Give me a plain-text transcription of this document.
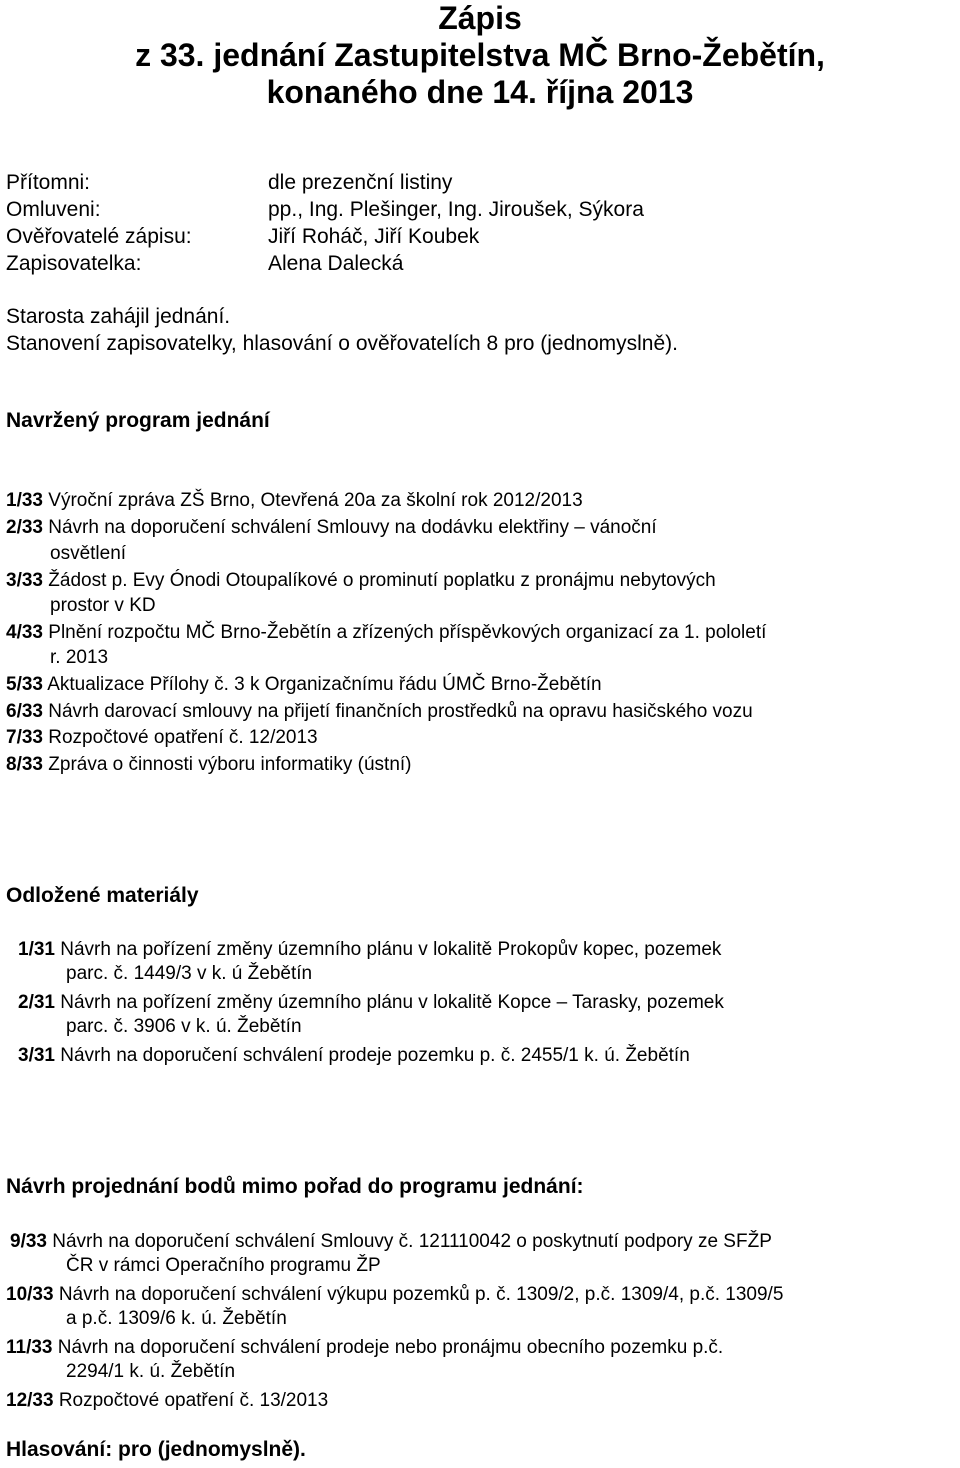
Zápis
z 33. jednání Zastupitelstva MČ Brno-Žebětín,
konaného dne 14. října 2013
Přítomni:	dle prezenční listiny
Omluveni:	pp., Ing. Plešinger, Ing. Jiroušek, Sýkora
Ověřovatelé zápisu:	Jiří Roháč, Jiří Koubek
Zapisovatelka:	Alena Dalecká
Starosta zahájil jednání.
Stanovení zapisovatelky, hlasování o ověřovatelích 8 pro (jednomyslně).
Navržený program jednání
1/33 Výroční zpráva ZŠ Brno, Otevřená 20a za školní rok 2012/2013
2/33 Návrh na doporučení schválení Smlouvy na dodávku elektřiny – vánoční
osvětlení
3/33 Žádost p. Evy Ónodi Otoupalíkové o prominutí poplatku z pronájmu nebytových
prostor v KD
4/33 Plnění rozpočtu MČ Brno-Žebětín a zřízených příspěvkových organizací za 1. pololetí
r. 2013
5/33 Aktualizace Přílohy č. 3 k Organizačnímu řádu ÚMČ Brno-Žebětín
6/33 Návrh darovací smlouvy na přijetí finančních prostředků na opravu hasičského vozu
7/33 Rozpočtové opatření č. 12/2013
8/33 Zpráva o činnosti výboru informatiky (ústní)
Odložené materiály
1/31 Návrh na pořízení změny územního plánu v lokalitě Prokopův kopec, pozemek
parc. č. 1449/3 v k. ú Žebětín
2/31 Návrh na pořízení změny územního plánu v lokalitě Kopce – Tarasky, pozemek
parc. č. 3906 v k. ú. Žebětín
3/31 Návrh na doporučení schválení prodeje pozemku p. č. 2455/1 k. ú. Žebětín
Návrh projednání bodů mimo pořad do programu jednání:
9/33 Návrh na doporučení schválení Smlouvy č. 121110042 o poskytnutí podpory ze SFŽP
ČR v rámci Operačního programu ŽP
10/33 Návrh na doporučení schválení výkupu pozemků p. č. 1309/2, p.č. 1309/4, p.č. 1309/5
a p.č. 1309/6 k. ú. Žebětín
11/33 Návrh na doporučení schválení prodeje nebo pronájmu obecního pozemku p.č.
2294/1 k. ú. Žebětín
12/33 Rozpočtové opatření č. 13/2013
Hlasování: pro (jednomyslně).
